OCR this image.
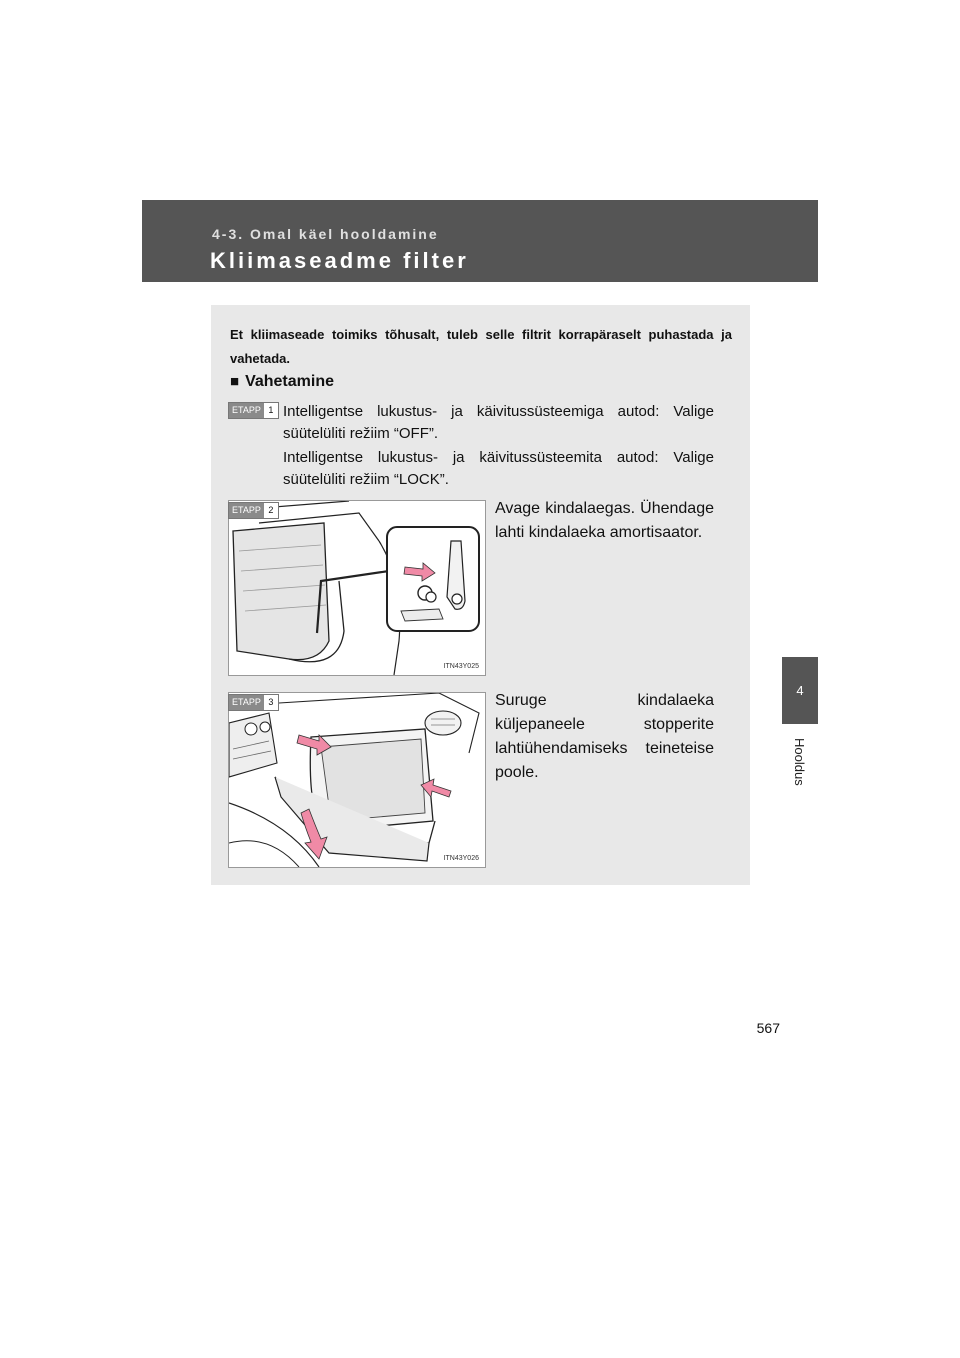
4-3. Omal käel hooldamine
Kliimaseadme filter
4
Hooldus
Et kliimaseade toimiks tõhusalt, tuleb selle filtrit korrapäraselt puhastada ja vahetada.
■ Vahetamine
ETAPP 1 Intelligentse lukustus- ja käivitussüsteemiga autod: Valige süütelüliti režiim “OFF”.

Intelligentse lukustus- ja käivitussüsteemita autod: Valige süütelüliti režiim “LOCK”.

ITN43Y025
ETAPP 2	Avage kindalaegas. Ühendage lahti kindalaeka amortisaator.
ITN43Y026
ETAPP 3	Suruge kindalaeka küljepaneele stopperite lahtiühendamiseks teineteise poole.
567
